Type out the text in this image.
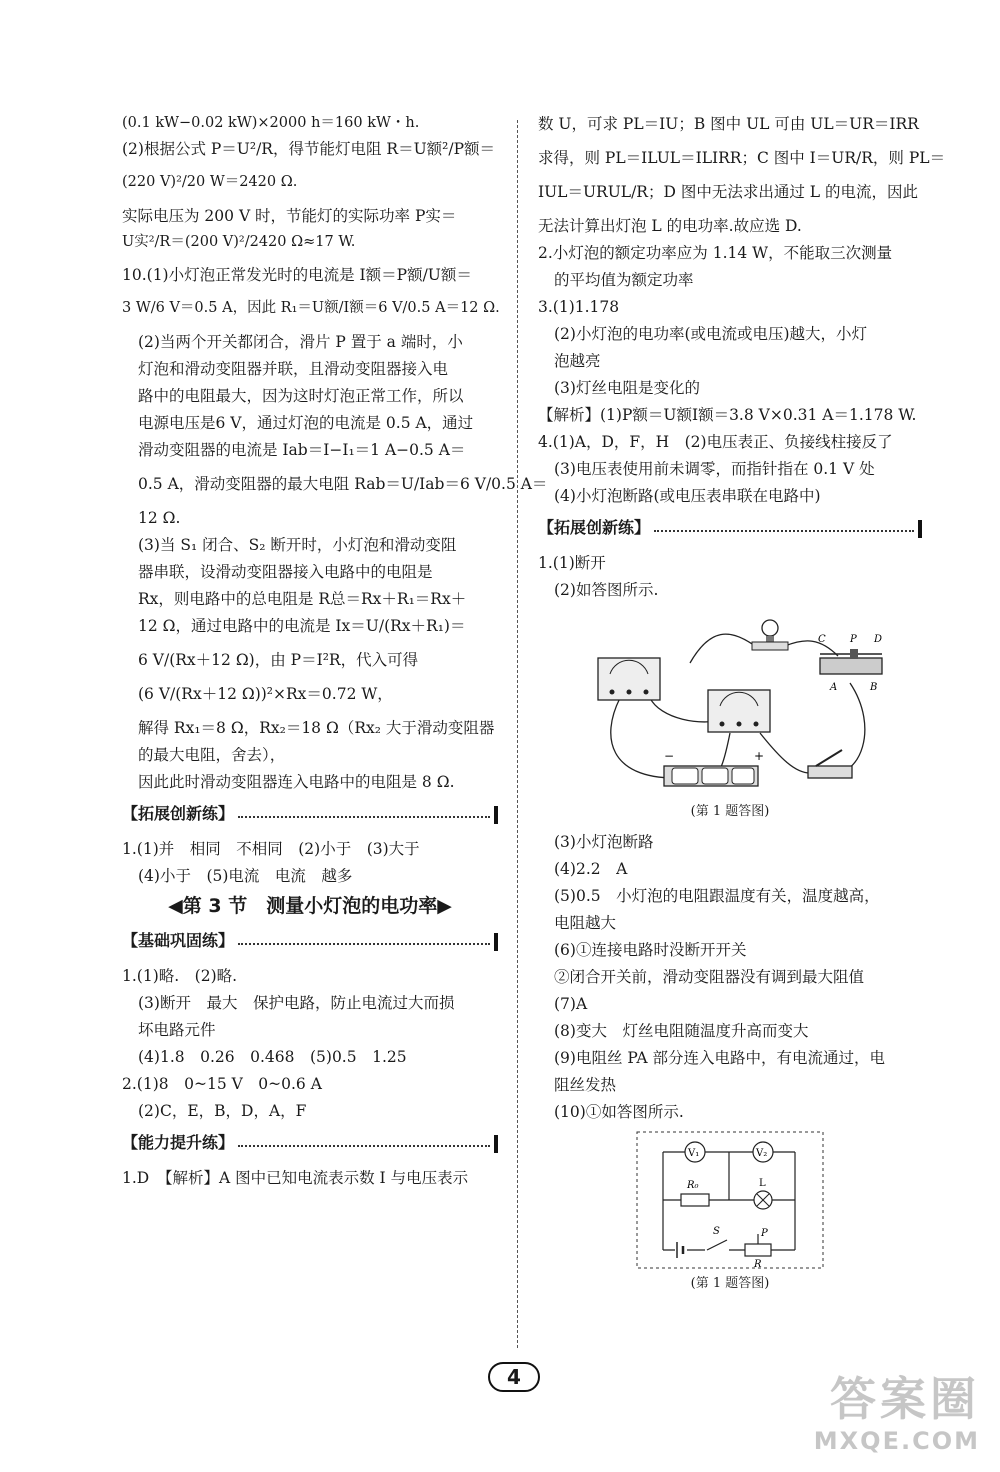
(0.1 kW−0.02 kW)×2000 h＝160 kW・h.
(2)根据公式 P＝U²/R，得节能灯电阻 R＝U额²/P额＝
(220 V)²/20 W＝2420 Ω.
实际电压为 200 V 时，节能灯的实际功率 P实＝
U实²/R＝(200 V)²/2420 Ω≈17 W.
10.(1)小灯泡正常发光时的电流是 I额＝P额/U额＝
3 W/6 V＝0.5 A，因此 R₁＝U额/I额＝6 V/0.5 A＝12 Ω.
(2)当两个开关都闭合，滑片 P 置于 a 端时，小
灯泡和滑动变阻器并联，且滑动变阻器接入电
路中的电阻最大，因为这时灯泡正常工作，所以
电源电压是6 V，通过灯泡的电流是 0.5 A，通过
滑动变阻器的电流是 Iab＝I−I₁＝1 A−0.5 A＝
0.5 A，滑动变阻器的最大电阻 Rab＝U/Iab＝6 V/0.5 A＝
12 Ω.
(3)当 S₁ 闭合、S₂ 断开时，小灯泡和滑动变阻
器串联，设滑动变阻器接入电路中的电阻是
Rx，则电路中的总电阻是 R总＝Rx＋R₁＝Rx＋
12 Ω，通过电路中的电流是 Ix＝U/(Rx＋R₁)＝
6 V/(Rx＋12 Ω)，由 P＝I²R，代入可得
(6 V/(Rx＋12 Ω))²×Rx＝0.72 W，
解得 Rx₁＝8 Ω，Rx₂＝18 Ω（Rx₂ 大于滑动变阻器
的最大电阻，舍去），
因此此时滑动变阻器连入电路中的电阻是 8 Ω.
【拓展创新练】
1.(1)并　相同　不相同　(2)小于　(3)大于
(4)小于　(5)电流　电流　越多
◀第 3 节　测量小灯泡的电功率▶
【基础巩固练】
1.(1)略.　(2)略.
(3)断开　最大　保护电路，防止电流过大而损
坏电路元件
(4)1.8　0.26　0.468　(5)0.5　1.25
2.(1)8　0~15 V　0~0.6 A
(2)C，E，B，D，A，F
【能力提升练】
1.D　【解析】A 图中已知电流表示数 I 与电压表示
数 U，可求 PL＝IU；B 图中 UL 可由 UL＝UR＝IRR
求得，则 PL＝ILUL＝ILIRR；C 图中 I＝UR/R，则 PL＝
IUL＝URUL/R；D 图中无法求出通过 L 的电流，因此
无法计算出灯泡 L 的电功率.故应选 D.
2.小灯泡的额定功率应为 1.14 W，不能取三次测量
的平均值为额定功率
3.(1)1.178
(2)小灯泡的电功率(或电流或电压)越大，小灯
泡越亮
(3)灯丝电阻是变化的
【解析】(1)P额＝U额I额＝3.8 V×0.31 A＝1.178 W.
4.(1)A，D，F，H　(2)电压表正、负接线柱接反了
(3)电压表使用前未调零，而指针指在 0.1 V 处
(4)小灯泡断路(或电压表串联在电路中)
【拓展创新练】
1.(1)断开
(2)如答图所示.
C P D
A	B
−	+
(第 1 题答图)
(3)小灯泡断路
(4)2.2　A
(5)0.5　小灯泡的电阻跟温度有关，温度越高，
电阻越大
(6)①连接电路时没断开开关
②闭合开关前，滑动变阻器没有调到最大阻值
(7)A
(8)变大　灯丝电阻随温度升高而变大
(9)电阻丝 PA 部分连入电路中，有电流通过，电
阻丝发热
(10)①如答图所示.
V₁	V₂
R₀	L
S	P
R
(第 1 题答图)
4	答案圈
MXQE.COM
